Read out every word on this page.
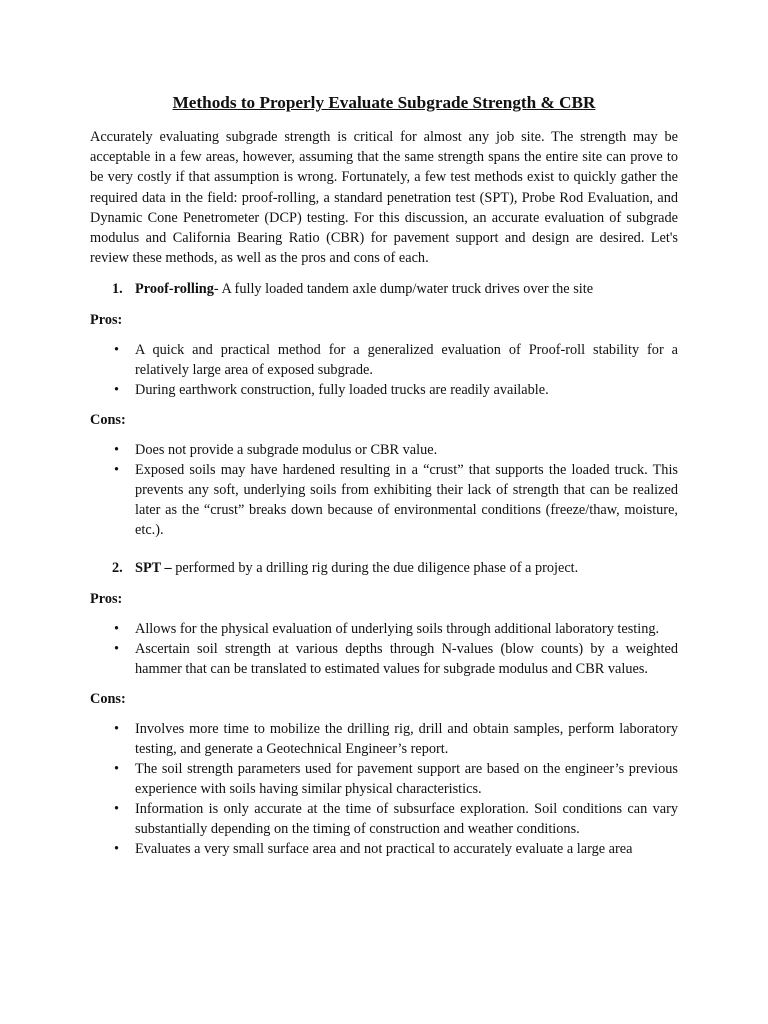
Methods to Properly Evaluate Subgrade Strength & CBR

Accurately evaluating subgrade strength is critical for almost any job site. The strength may be acceptable in a few areas, however, assuming that the same strength spans the entire site can prove to be very costly if that assumption is wrong. Fortunately, a few test methods exist to quickly gather the required data in the field: proof-rolling, a standard penetration test (SPT), Probe Rod Evaluation, and Dynamic Cone Penetrometer (DCP) testing. For this discussion, an accurate evaluation of subgrade modulus and California Bearing Ratio (CBR) for pavement support and design are desired. Let's review these methods, as well as the pros and cons of each.

1. Proof-rolling- A fully loaded tandem axle dump/water truck drives over the site

Pros:

• A quick and practical method for a generalized evaluation of Proof-roll stability for a relatively large area of exposed subgrade.
• During earthwork construction, fully loaded trucks are readily available.

Cons:

• Does not provide a subgrade modulus or CBR value.
• Exposed soils may have hardened resulting in a “crust” that supports the loaded truck. This prevents any soft, underlying soils from exhibiting their lack of strength that can be realized later as the “crust” breaks down because of environmental conditions (freeze/thaw, moisture, etc.).

2. SPT – performed by a drilling rig during the due diligence phase of a project.

Pros:

• Allows for the physical evaluation of underlying soils through additional laboratory testing.
• Ascertain soil strength at various depths through N-values (blow counts) by a weighted hammer that can be translated to estimated values for subgrade modulus and CBR values.

Cons:

• Involves more time to mobilize the drilling rig, drill and obtain samples, perform laboratory testing, and generate a Geotechnical Engineer’s report.
• The soil strength parameters used for pavement support are based on the engineer’s previous experience with soils having similar physical characteristics.
• Information is only accurate at the time of subsurface exploration. Soil conditions can vary substantially depending on the timing of construction and weather conditions.
• Evaluates a very small surface area and not practical to accurately evaluate a large area
